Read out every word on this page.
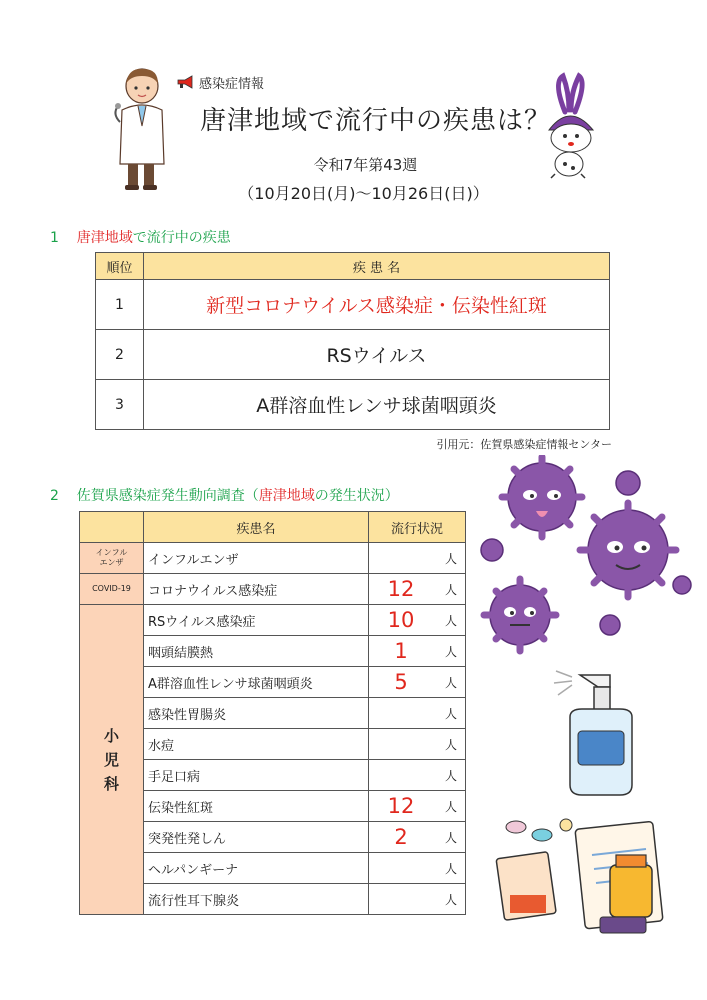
感染症情報
唐津地域で流行中の疾患は？
令和7年第43週
（10月20日(月)～10月26日(日)）
1 唐津地域で流行中の疾患
順位	疾 患 名
1	新型コロナウイルス感染症・伝染性紅斑
2	RSウイルス
3	A群溶血性レンサ球菌咽頭炎
引用元：佐賀県感染症情報センター
2 佐賀県感染症発生動向調査（唐津地域の発生状況）
	疾患名	流行状況
インフル
エンザ	インフルエンザ	人

COVID-19	コロナウイルス感染症	12 人

小
児
科	RSウイルス感染症	10 人

	咽頭結膜熱	1 人

	A群溶血性レンサ球菌咽頭炎	5 人

	感染性胃腸炎	人

	水痘	人

	手足口病	人

	伝染性紅斑	12 人

	突発性発しん	2 人

	ヘルパンギーナ	人

	流行性耳下腺炎	人
